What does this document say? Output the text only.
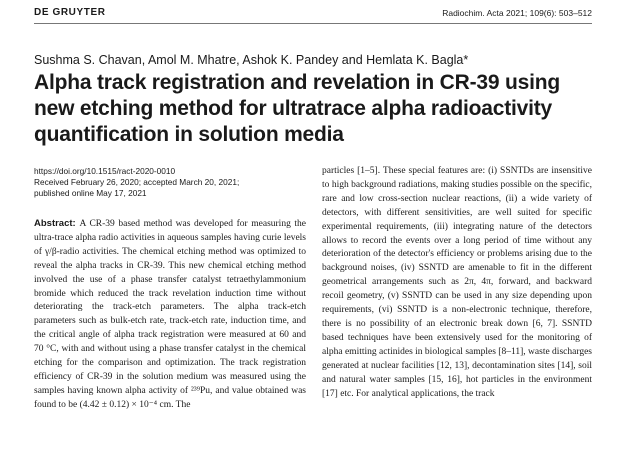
DE GRUYTER	Radiochim. Acta 2021; 109(6): 503–512
Sushma S. Chavan, Amol M. Mhatre, Ashok K. Pandey and Hemlata K. Bagla*
Alpha track registration and revelation in CR-39 using new etching method for ultratrace alpha radioactivity quantification in solution media
https://doi.org/10.1515/ract-2020-0010
Received February 26, 2020; accepted March 20, 2021;
published online May 17, 2021
Abstract: A CR-39 based method was developed for measuring the ultra-trace alpha radio activities in aqueous samples having curie levels of γ/β-radio activities. The chemical etching method was optimized to reveal the alpha tracks in CR-39. This new chemical etching method involved the use of a phase transfer catalyst tetraethylammonium bromide which reduced the track revelation induction time without deteriorating the track-etch parameters. The alpha track-etch parameters such as bulk-etch rate, track-etch rate, induction time, and the critical angle of alpha track registration were measured at 60 and 70 °C, with and without using a phase transfer catalyst in the chemical etching for the comparison and optimization. The track registration efficiency of CR-39 in the solution medium was measured using the samples having known alpha activity of ²³⁹Pu, and value obtained was found to be (4.42 ± 0.12) × 10⁻⁴ cm. The
particles [1–5]. These special features are: (i) SSNTDs are insensitive to high background radiations, making studies possible on the specific, rare and low cross-section nuclear reactions, (ii) a wide variety of detectors, with different sensitivities, are well suited for specific experimental requirements, (iii) integrating nature of the detectors allows to record the events over a long period of time without any deterioration of the detector's efficiency or problems arising due to the background noises, (iv) SSNTD are amenable to fit in the different geometrical arrangements such as 2π, 4π, forward, and backward recoil geometry, (v) SSNTD can be used in any size depending upon requirements, (vi) SSNTD is a non-electronic technique, therefore, there is no possibility of an electronic break down [6, 7]. SSNTD based techniques have been extensively used for the monitoring of alpha emitting actinides in biological samples [8–11], waste discharges generated at nuclear facilities [12, 13], decontamination sites [14], soil and natural water samples [15, 16], hot particles in the environment [17] etc. For analytical applications, the track
